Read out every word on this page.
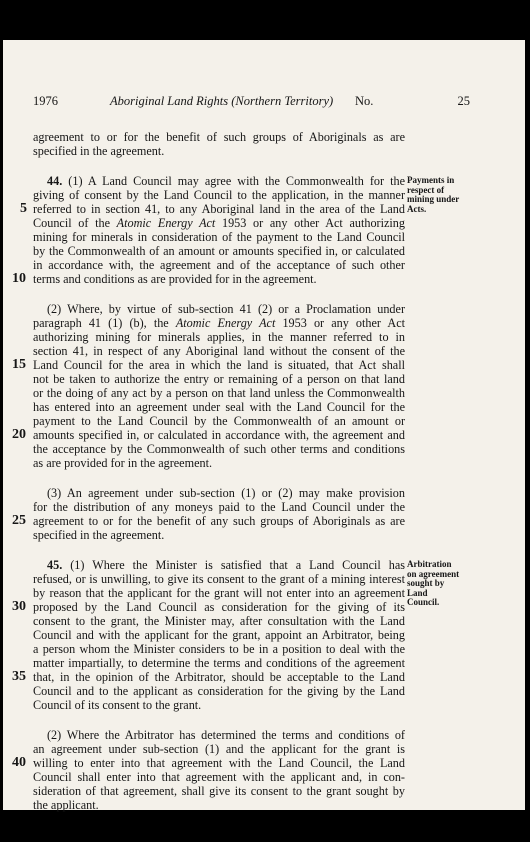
1976	Aboriginal Land Rights (Northern Territory) No.	25
agreement to or for the benefit of such groups of Aboriginals as are
specified in the agreement.
44. (1) A Land Council may agree with the Commonwealth for the
giving of consent by the Land Council to the application, in the manner
referred to in section 41, to any Aboriginal land in the area of the Land
Council of the Atomic Energy Act 1953 or any other Act authorizing
mining for minerals in consideration of the payment to the Land Council
by the Commonwealth of an amount or amounts specified in, or calculated
in accordance with, the agreement and of the acceptance of such other
terms and conditions as are provided for in the agreement.
(2) Where, by virtue of sub-section 41 (2) or a Proclamation under
paragraph 41 (1) (b), the Atomic Energy Act 1953 or any other Act
authorizing mining for minerals applies, in the manner referred to in
section 41, in respect of any Aboriginal land without the consent of the
Land Council for the area in which the land is situated, that Act shall
not be taken to authorize the entry or remaining of a person on that land
or the doing of any act by a person on that land unless the Commonwealth
has entered into an agreement under seal with the Land Council for the
payment to the Land Council by the Commonwealth of an amount or
amounts specified in, or calculated in accordance with, the agreement and
the acceptance by the Commonwealth of such other terms and conditions
as are provided for in the agreement.
(3) An agreement under sub-section (1) or (2) may make provision
for the distribution of any moneys paid to the Land Council under the
agreement to or for the benefit of any such groups of Aboriginals as are
specified in the agreement.
45. (1) Where the Minister is satisfied that a Land Council has
refused, or is unwilling, to give its consent to the grant of a mining interest
by reason that the applicant for the grant will not enter into an agreement
proposed by the Land Council as consideration for the giving of its
consent to the grant, the Minister may, after consultation with the Land
Council and with the applicant for the grant, appoint an Arbitrator, being
a person whom the Minister considers to be in a position to deal with the
matter impartially, to determine the terms and conditions of the agreement
that, in the opinion of the Arbitrator, should be acceptable to the Land
Council and to the applicant as consideration for the giving by the Land
Council of its consent to the grant.
(2) Where the Arbitrator has determined the terms and conditions of
an agreement under sub-section (1) and the applicant for the grant is
willing to enter into that agreement with the Land Council, the Land
Council shall enter into that agreement with the applicant and, in con-
sideration of that agreement, shall give its consent to the grant sought by
the applicant.
5
10
15
20
25
30
35
40
Payments in
respect of
mining under
Acts.
Arbitration
on agreement
sought by
Land
Council.
